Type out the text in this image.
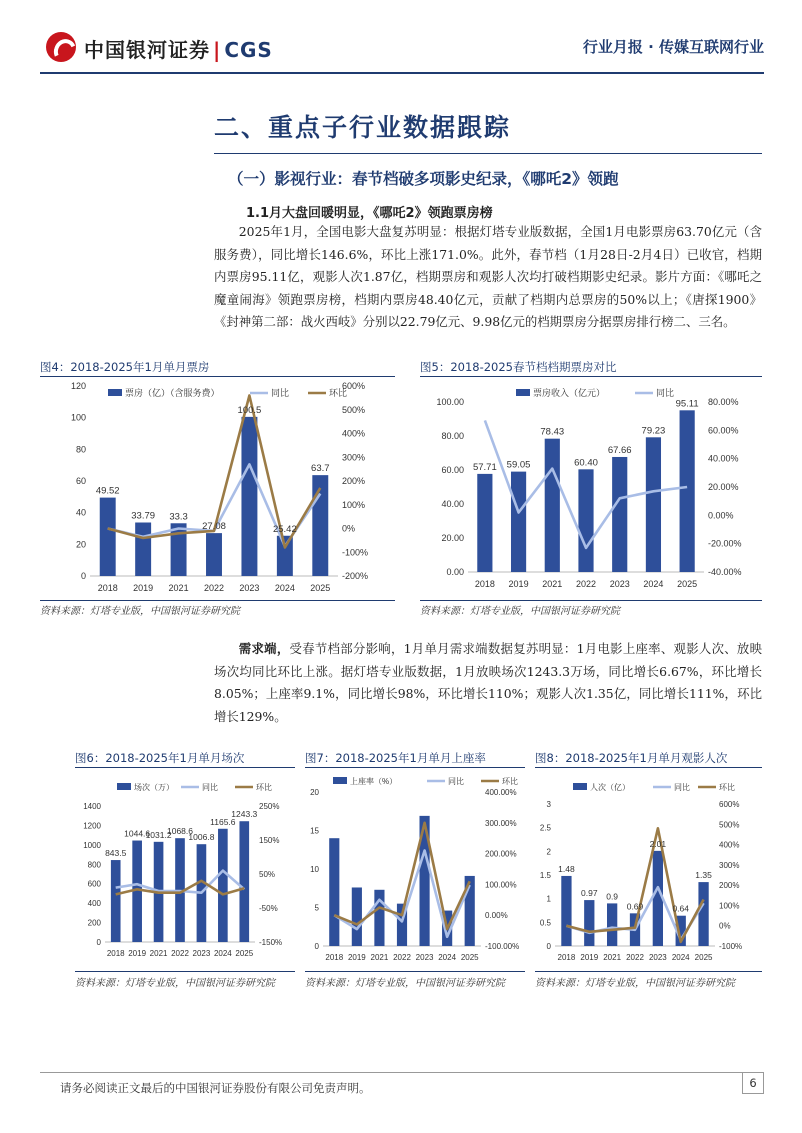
中国银河证券 | CGS	行业月报 · 传媒互联网行业
二、重点子行业数据跟踪
（一）影视行业：春节档破多项影史纪录，《哪吒2》领跑
1.1月大盘回暖明显，《哪吒2》领跑票房榜
2025年1月，全国电影大盘复苏明显：根据灯塔专业版数据，全国1月电影票房63.70亿元（含服务费），同比增长146.6%，环比上涨171.0%。此外，春节档（1月28日-2月4日）已收官，档期内票房95.11亿，观影人次1.87亿，档期票房和观影人次均打破档期影史纪录。影片方面：《哪吒之魔童闹海》领跑票房榜，档期内票房48.40亿元，贡献了档期内总票房的50%以上；《唐探1900》《封神第二部：战火西岐》分别以22.79亿元、9.98亿元的档期票房分据票房排行榜二、三名。
图4：2018-2025年1月单月票房
0
20
40
60
80
100
120
-200%
-100%
0%
100%
200%
300%
400%
500%
600%
2018 2019 2021 2022 2023 2024 2025
49.52
33.79 33.3
27.08
100.5
25.42
63.7
票房（亿）（含服务费）	同比	环比
资料来源：灯塔专业版，中国银河证券研究院
图5：2018-2025春节档档期票房对比
0.00
20.00
40.00
60.00
80.00
100.00
-40.00%
-20.00%
0.00%
20.00%
40.00%
60.00%
80.00%
2018 2019 2021 2022 2023 2024 2025
57.71 59.05
78.43
60.40
67.66
79.23
95.11
票房收入（亿元）	同比
资料来源：灯塔专业版，中国银河证券研究院
需求端，受春节档部分影响，1月单月需求端数据复苏明显：1月电影上座率、观影人次、放映场次均同比环比上涨。据灯塔专业版数据，1月放映场次1243.3万场，同比增长6.67%，环比增长8.05%；上座率9.1%，同比增长98%，环比增长110%；观影人次1.35亿，同比增长111%，环比增长129%。
图6：2018-2025年1月单月场次
0
200
400
600
800
1000
1200
1400
-150%
-50%
50%
150%
250%
2018 2019 2021 2022 2023 2024 2025
843.5
1044.6
1031.2
1068.6
1006.8
1165.6
1243.3
场次（万）	同比	环比
资料来源：灯塔专业版，中国银河证券研究院
图7：2018-2025年1月单月上座率
0
5
10
15
20
-100.00%
0.00%
100.00%
200.00%
300.00%
400.00%
2018 2019 2021 2022 2023 2024 2025
上座率（%）	同比	环比
资料来源：灯塔专业版，中国银河证券研究院
图8：2018-2025年1月单月观影人次
0
0.5
1
1.5
2
2.5
3
-100%
0%
100%
200%
300%
400%
500%
600%
2018 2019 2021 2022 2023 2024 2025
1.48
0.97 0.9
0.69
2.01
0.64
1.35
人次（亿）	同比	环比
资料来源：灯塔专业版，中国银河证券研究院
请务必阅读正文最后的中国银河证券股份有限公司免责声明。	6
